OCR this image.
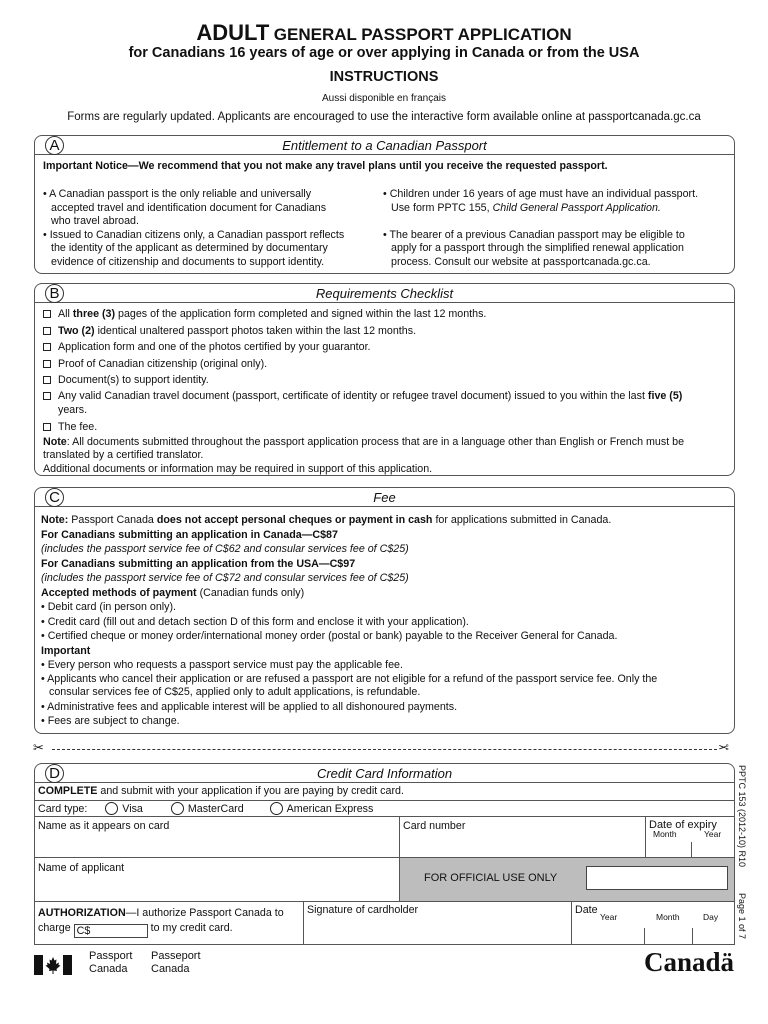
ADULT GENERAL PASSPORT APPLICATION
for Canadians 16 years of age or over applying in Canada or from the USA
INSTRUCTIONS
Aussi disponible en français
Forms are regularly updated. Applicants are encouraged to use the interactive form available online at passportcanada.gc.ca
A	Entitlement to a Canadian Passport
Important Notice—We recommend that you not make any travel plans until you receive the requested passport.
• A Canadian passport is the only reliable and universally
accepted travel and identification document for Canadians
who travel abroad.
• Issued to Canadian citizens only, a Canadian passport reflects
the identity of the applicant as determined by documentary
evidence of citizenship and documents to support identity.
• Children under 16 years of age must have an individual passport.
Use form PPTC 155, Child General Passport Application.
• The bearer of a previous Canadian passport may be eligible to
apply for a passport through the simplified renewal application
process. Consult our website at passportcanada.gc.ca.
B	Requirements Checklist
All three (3) pages of the application form completed and signed within the last 12 months.
Two (2) identical unaltered passport photos taken within the last 12 months.
Application form and one of the photos certified by your guarantor.
Proof of Canadian citizenship (original only).
Document(s) to support identity.
Any valid Canadian travel document (passport, certificate of identity or refugee travel document) issued to you within the last five (5)
years.
The fee.
Note: All documents submitted throughout the passport application process that are in a language other than English or French must be
translated by a certified translator.
Additional documents or information may be required in support of this application.
C	Fee
Note: Passport Canada does not accept personal cheques or payment in cash for applications submitted in Canada.
For Canadians submitting an application in Canada—C$87
(includes the passport service fee of C$62 and consular services fee of C$25)
For Canadians submitting an application from the USA—C$97
(includes the passport service fee of C$72 and consular services fee of C$25)
Accepted methods of payment (Canadian funds only)
• Debit card (in person only).
• Credit card (fill out and detach section D of this form and enclose it with your application).
• Certified cheque or money order/international money order (postal or bank) payable to the Receiver General for Canada.
Important
• Every person who requests a passport service must pay the applicable fee.
• Applicants who cancel their application or are refused a passport are not eligible for a refund of the passport service fee. Only the
consular services fee of C$25, applied only to adult applications, is refundable.
• Administrative fees and applicable interest will be applied to all dishonoured payments.
• Fees are subject to change.
✂	✂
D	Credit Card Information
COMPLETE and submit with your application if you are paying by credit card.
Card type:	Visa	MasterCard	American Express
Name as it appears on card	Card number	Date of expiry
Month	Year
Name of applicant
FOR OFFICIAL USE ONLY
AUTHORIZATION—I authorize Passport Canada to
charge C$	to my credit card.
Signature of cardholder	Date
Year	Month	Day
PPTC 153 (2012-10) R10
Page 1 of 7
Passport
Canada
Passeport
Canada	Canadä
